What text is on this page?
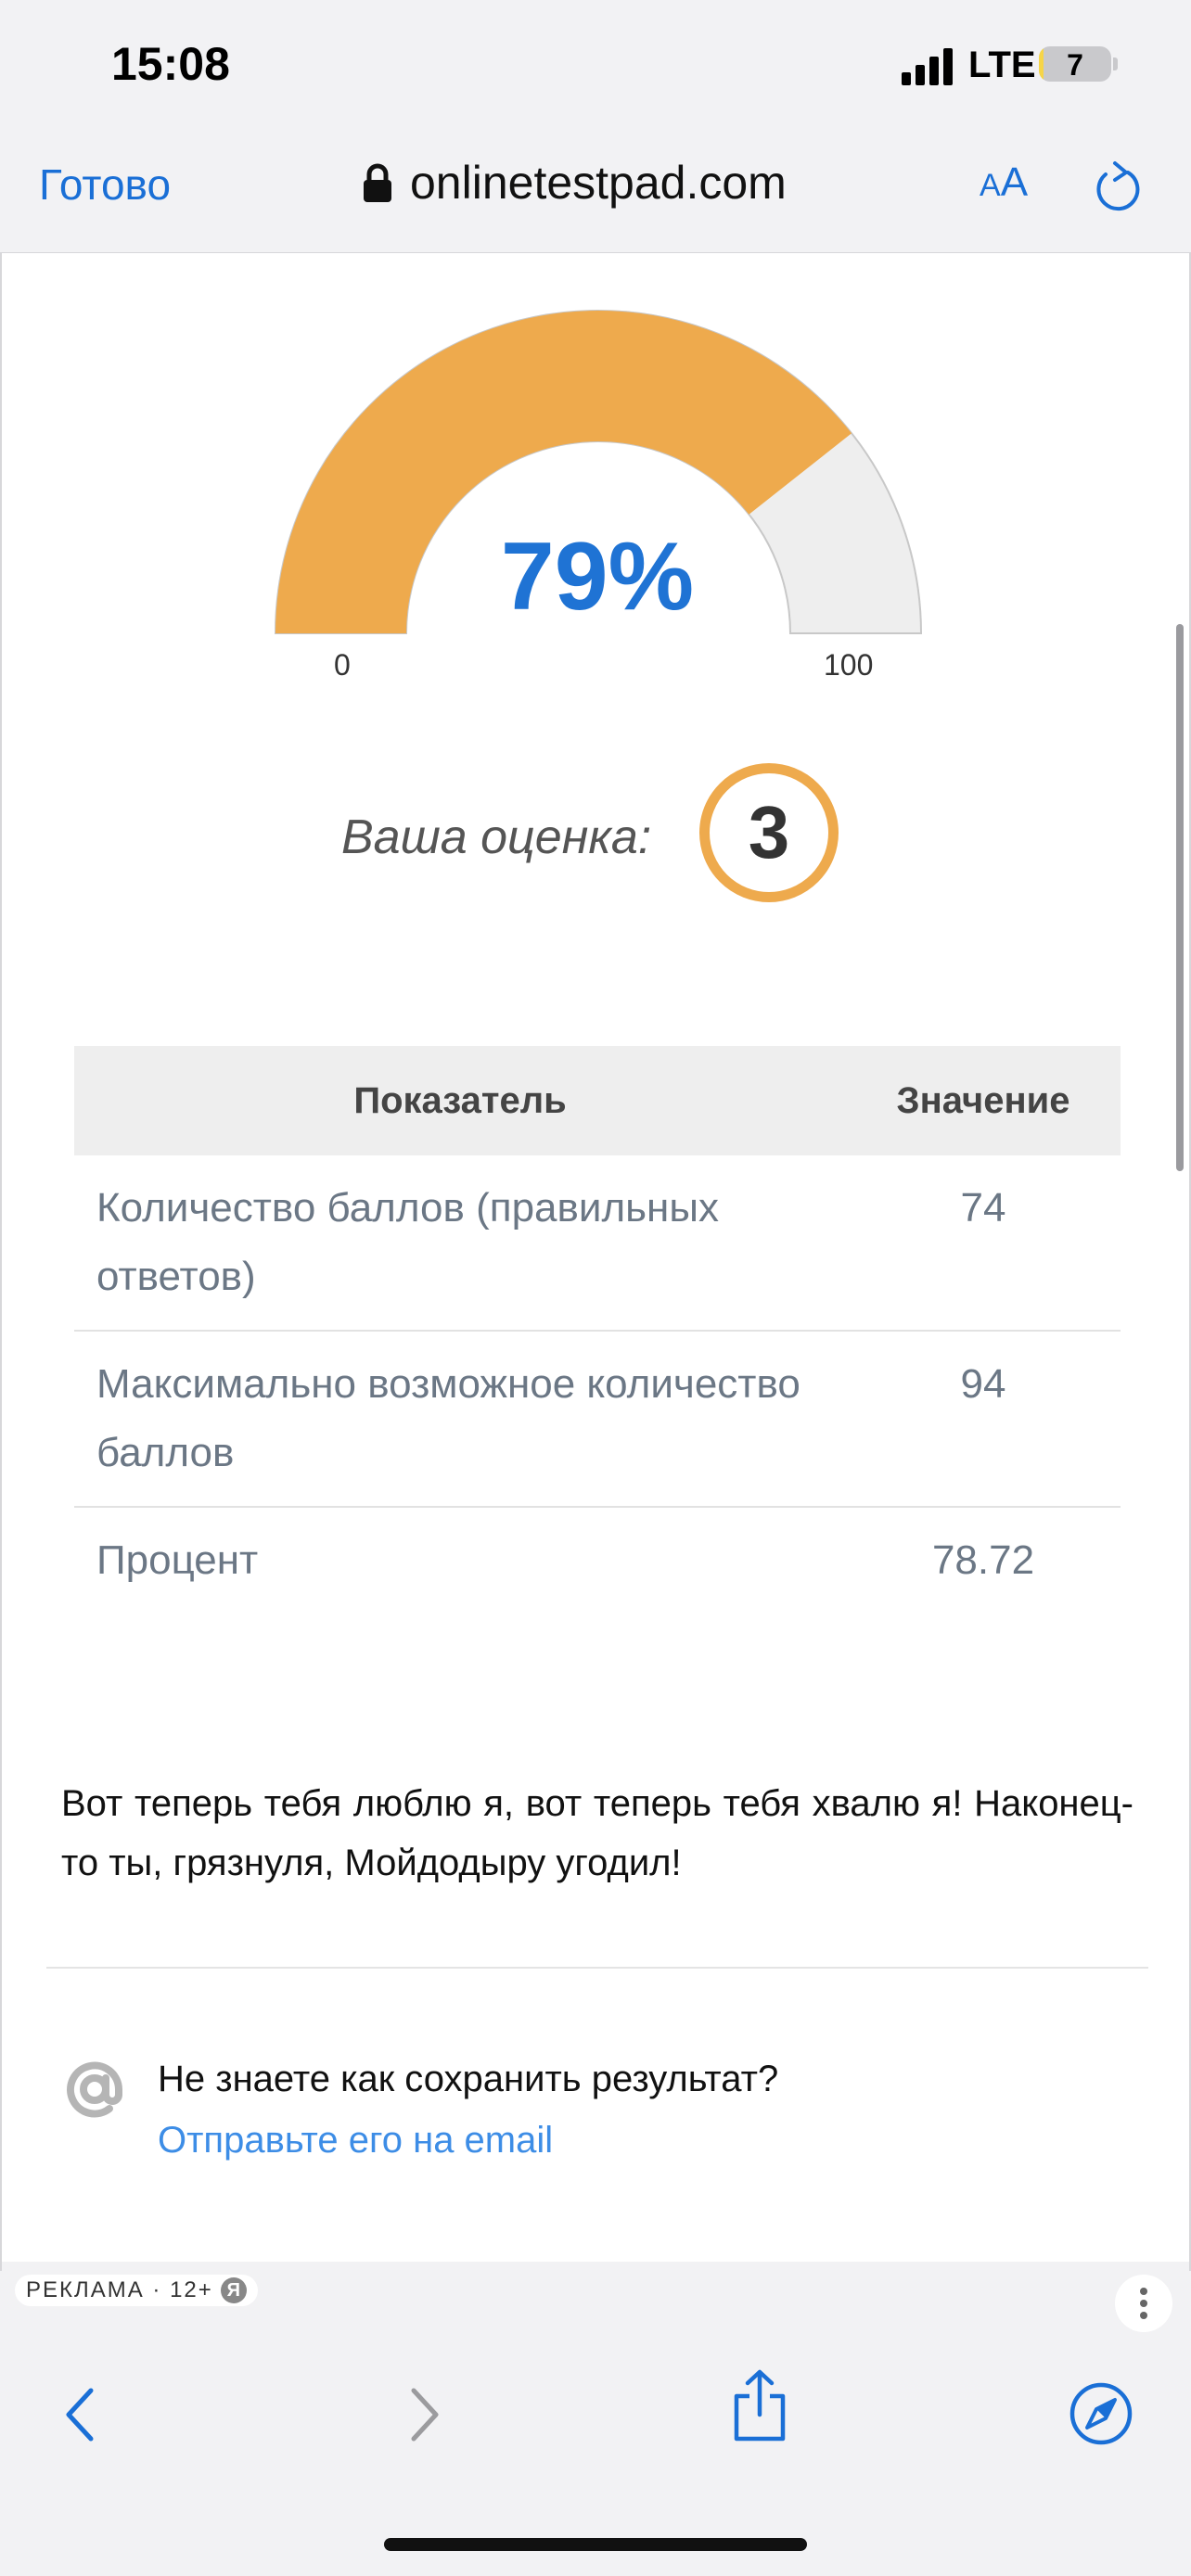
15:08	LTE	7
Готово	onlinetestpad.com	AA
79%
0	100
Ваша оценка:	3
Показатель	Значение
Количество баллов (правильных ответов)	74
Максимально возможное количество баллов	94
Процент	78.72
Вот теперь тебя люблю я, вот теперь тебя хвалю я! Наконец-то ты, грязнуля, Мойдодыру угодил!
Не знаете как сохранить результат?
Отправьте его на email
РЕКЛАМА · 12+ Я
